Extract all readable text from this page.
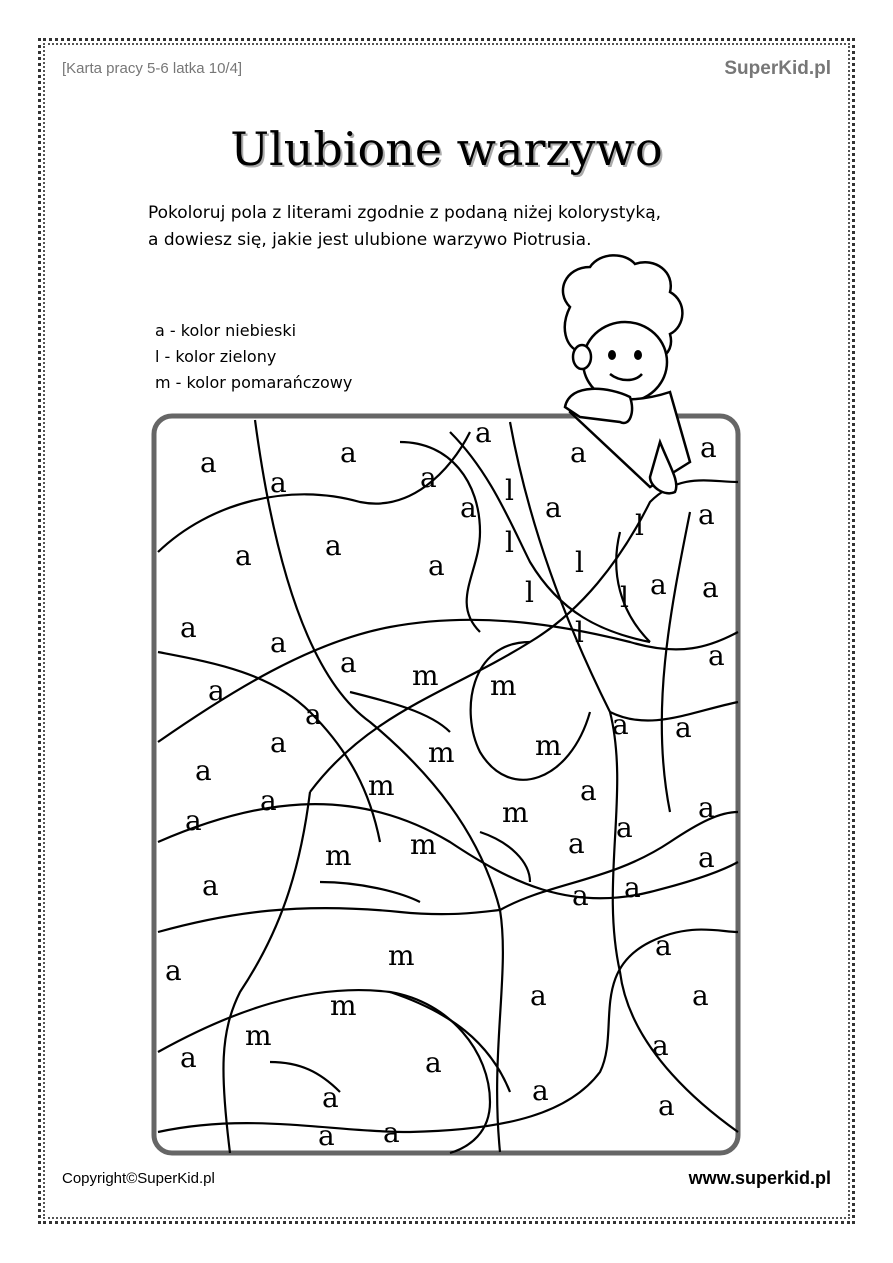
[Karta pracy 5-6 latka 10/4]	SuperKid.pl
Ulubione warzywo
Pokoloruj pola z literami zgodnie z podaną niżej kolorystyką,
a dowiesz się, jakie jest ulubione warzywo Piotrusia.
a - kolor niebieski
l - kolor zielony
m - kolor pomarańczowy
a	a
a	a
a
a	a
a a	a
a	a
a
a a
a	a
a	a
a
a	a a
a
a
a	a
a
a	a
a	a
a	a a
a
a
a	a
a	a
a
a	a	a
a a
l
l
l
l
l
l
l
m m
m	m
m
m
m
m
m
m
m
Copyright©SuperKid.pl	www.superkid.pl
